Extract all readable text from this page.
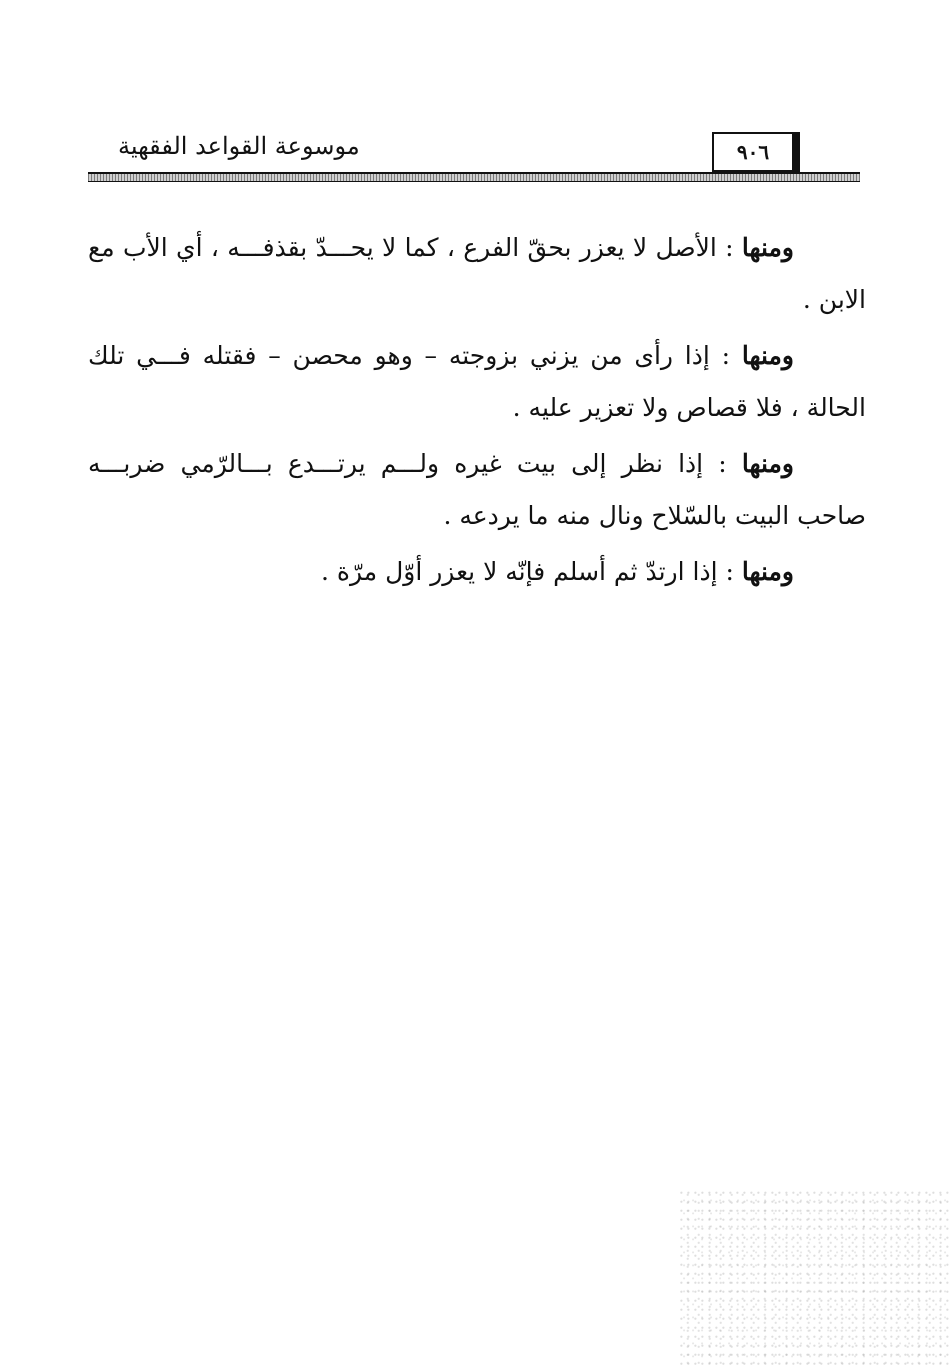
موسوعة القواعد الفقهية	٩٠٦

ومنها : الأصل لا يعزر بحقّ الفرع ، كما لا يحـــدّ بقذفـــه ، أي الأب مع الابن .

ومنها : إذا رأى من يزني بزوجته – وهو محصن – فقتله فـــي تلك الحالة ، فلا قصاص ولا تعزير عليه .

ومنها : إذا نظر إلى بيت غيره ولـــم يرتـــدع بـــالرّمي ضربـــه صاحب البيت بالسّلاح ونال منه ما يردعه .

ومنها : إذا ارتدّ ثم أسلم فإنّه لا يعزر أوّل مرّة .
